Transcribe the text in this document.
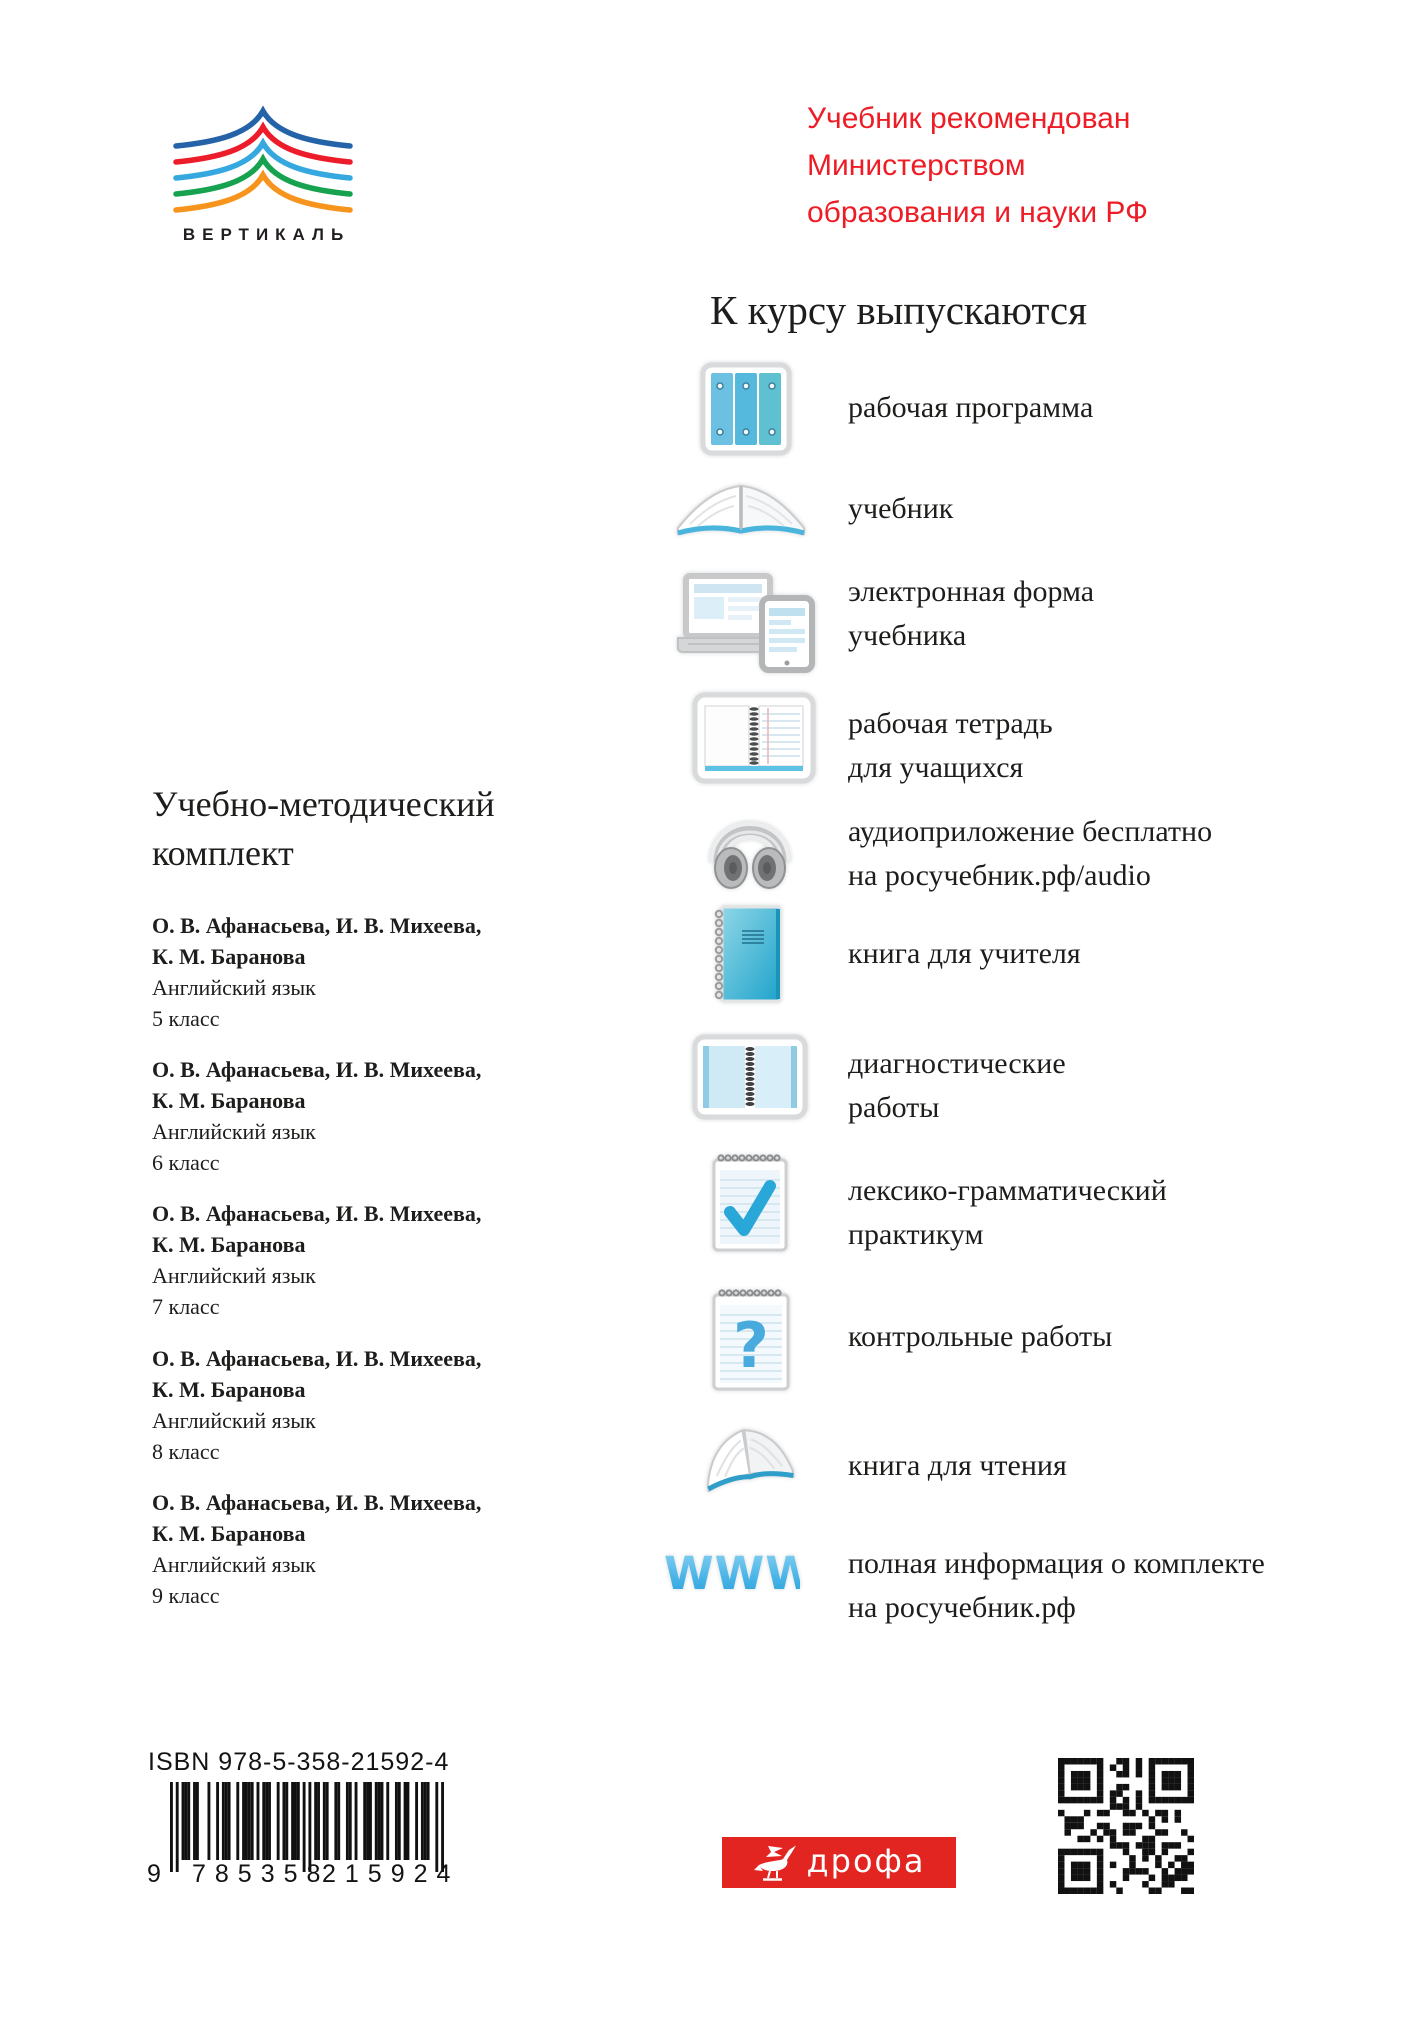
ВЕРТИКАЛЬ
Учебник рекомендован
Министерством
образования и науки РФ
К курсу выпускаются
рабочая программа
учебник
электронная форма
учебника
рабочая тетрадь
для учащихся
аудиоприложение бесплатно
на росучебник.рф/audio
книга для учителя
диагностические
работы
лексико-грамматический
практикум
?	контрольные работы
книга для чтения
WWW полная информация о комплекте
на росучебник.рф
Учебно-методический
комплект
О. В. Афанасьева, И. В. Михеева,
К. М. Баранова
Английский язык
5 класс
О. В. Афанасьева, И. В. Михеева,
К. М. Баранова
Английский язык
6 класс
О. В. Афанасьева, И. В. Михеева,
К. М. Баранова
Английский язык
7 класс
О. В. Афанасьева, И. В. Михеева,
К. М. Баранова
Английский язык
8 класс
О. В. Афанасьева, И. В. Михеева,
К. М. Баранова
Английский язык
9 класс
ISBN 978-5-358-21592-4
9 785358
215924	дрофа
